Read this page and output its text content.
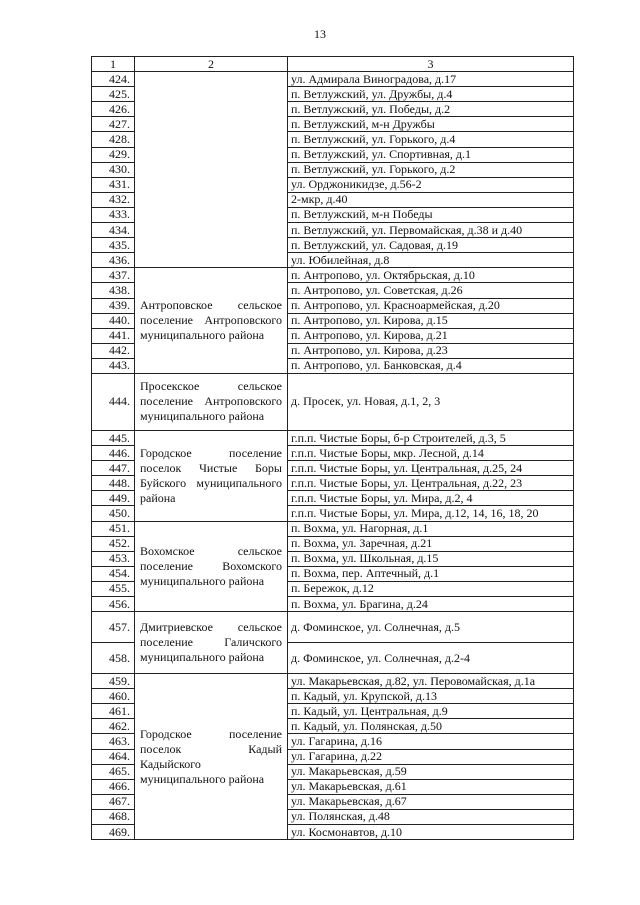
13
1	2	3
424.		ул. Адмирала Виноградова, д.17
425.		п. Ветлужский, ул. Дружбы, д.4
426.		п. Ветлужский, ул. Победы, д.2
427.		п. Ветлужский, м-н Дружбы
428.		п. Ветлужский, ул. Горького, д.4
429.		п. Ветлужский, ул. Спортивная, д.1
430.		п. Ветлужский, ул. Горького, д.2
431.		ул. Орджоникидзе, д.56-2
432.		2-мкр, д.40
433.		п. Ветлужский, м-н Победы
434.		п. Ветлужский, ул. Первомайская, д.38 и д.40
435.		п. Ветлужский, ул. Садовая, д.19
436.		ул. Юбилейная, д.8
437.	Антроповское сельское поселение Антроповского муниципального района	п. Антропово, ул. Октябрьская, д.10
438.		п. Антропово, ул. Советская, д.26
439.		п. Антропово, ул. Красноармейская, д.20
440.		п. Антропово, ул. Кирова, д.15
441.		п. Антропово, ул. Кирова, д.21
442.		п. Антропово, ул. Кирова, д.23
443.		п. Антропово, ул. Банковская, д.4
444.	Просекское сельское поселение Антроповского муниципального района	д. Просек, ул. Новая, д.1, 2, 3
445.	Городское поселение поселок Чистые Боры Буйского муниципального района	г.п.п. Чистые Боры, б-р Строителей, д.3, 5
446.		г.п.п. Чистые Боры, мкр. Лесной, д.14
447.		г.п.п. Чистые Боры, ул. Центральная, д.25, 24
448.		г.п.п. Чистые Боры, ул. Центральная, д.22, 23
449.		г.п.п. Чистые Боры, ул. Мира, д.2, 4
450.		г.п.п. Чистые Боры, ул. Мира, д.12, 14, 16, 18, 20
451.	Вохомское сельское поселение Вохомского муниципального района	п. Вохма, ул. Нагорная, д.1
452.		п. Вохма, ул. Заречная, д.21
453.		п. Вохма, ул. Школьная, д.15
454.		п. Вохма, пер. Аптечный, д.1
455.		п. Бережок, д.12
456.		п. Вохма, ул. Брагина, д.24
457.	Дмитриевское сельское поселение Галичского муниципального района	д. Фоминское, ул. Солнечная, д.5
458.		д. Фоминское, ул. Солнечная, д.2-4
459.	Городское поселение поселок Кадый Кадыйского муниципального района	ул. Макарьевская, д.82, ул. Перовомайская, д.1а
460.		п. Кадый, ул. Крупской, д.13
461.		п. Кадый, ул. Центральная, д.9
462.		п. Кадый, ул. Полянская, д.50
463.		ул. Гагарина, д.16
464.		ул. Гагарина, д.22
465.		ул. Макарьевская, д.59
466.		ул. Макарьевская, д.61
467.		ул. Макарьевская, д.67
468.		ул. Полянская, д.48
469.		ул. Космонавтов, д.10
